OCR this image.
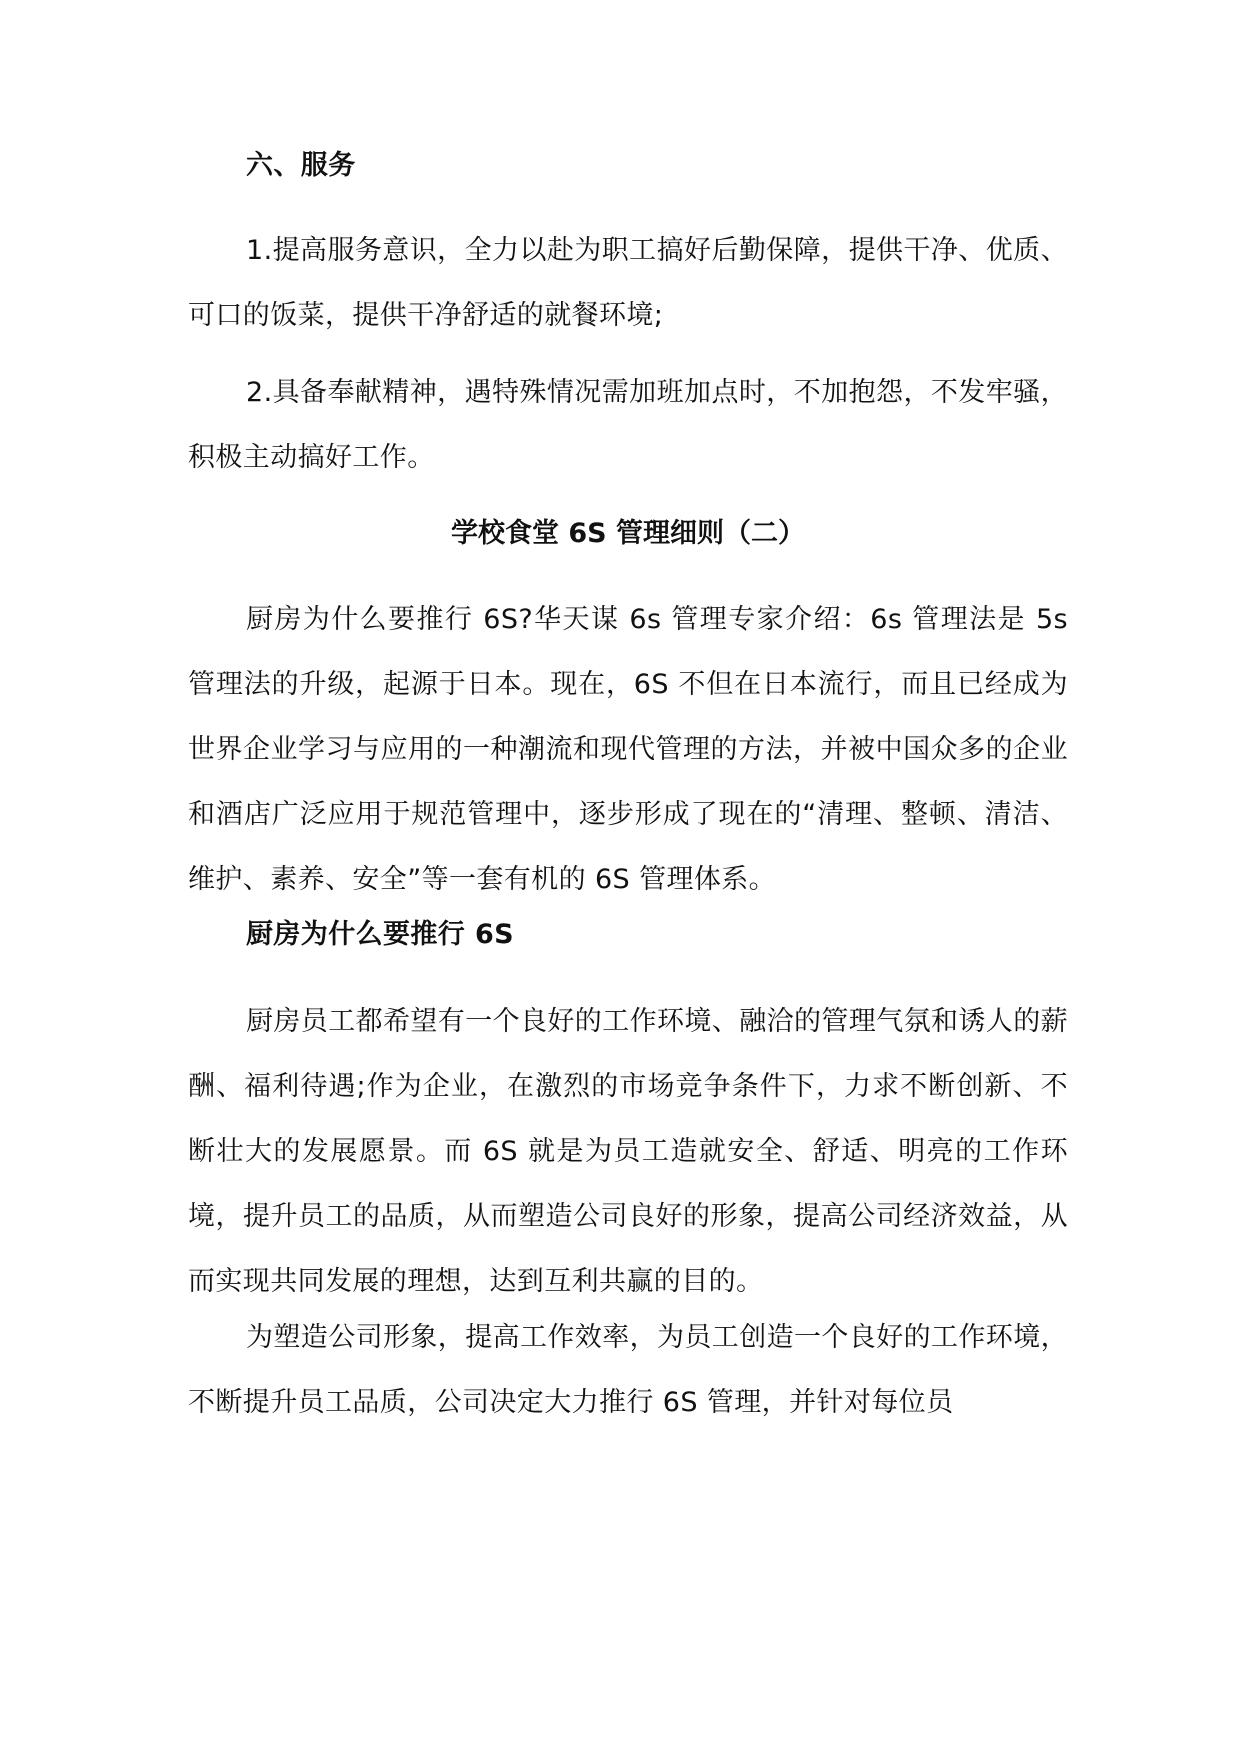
六、服务

1.提高服务意识，全力以赴为职工搞好后勤保障，提供干净、优质、可口的饭菜，提供干净舒适的就餐环境;

2.具备奉献精神，遇特殊情况需加班加点时，不加抱怨，不发牢骚，积极主动搞好工作。

学校食堂 6S 管理细则（二）

厨房为什么要推行 6S?华天谋 6s 管理专家介绍：6s 管理法是 5s 管理法的升级，起源于日本。现在，6S 不但在日本流行，而且已经成为世界企业学习与应用的一种潮流和现代管理的方法，并被中国众多的企业和酒店广泛应用于规范管理中，逐步形成了现在的“清理、整顿、清洁、维护、素养、安全”等一套有机的 6S 管理体系。

厨房为什么要推行 6S

厨房员工都希望有一个良好的工作环境、融洽的管理气氛和诱人的薪酬、福利待遇;作为企业，在激烈的市场竞争条件下，力求不断创新、不断壮大的发展愿景。而 6S 就是为员工造就安全、舒适、明亮的工作环境，提升员工的品质，从而塑造公司良好的形象，提高公司经济效益，从而实现共同发展的理想，达到互利共赢的目的。

为塑造公司形象，提高工作效率，为员工创造一个良好的工作环境，不断提升员工品质，公司决定大力推行 6S 管理，并针对每位员
